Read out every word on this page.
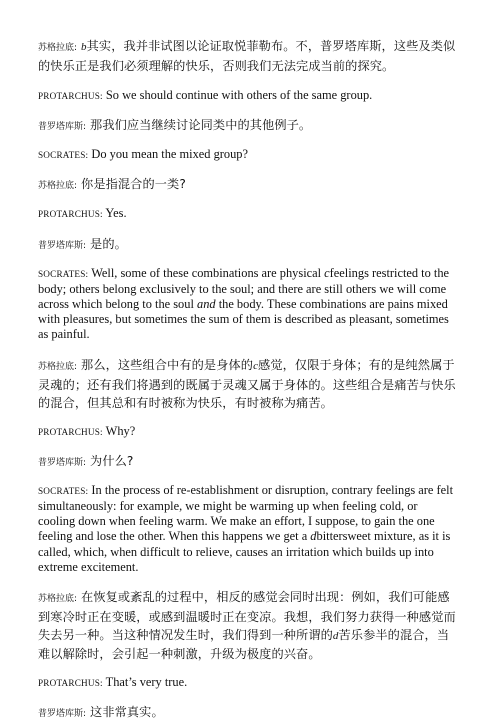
苏格拉底: b其实，我并非试图以论证取悦菲勒布。不，普罗塔库斯，这些及类似的快乐正是我们必须理解的快乐，否则我们无法完成当前的探究。

PROTARCHUS: So we should continue with others of the same group.

普罗塔库斯: 那我们应当继续讨论同类中的其他例子。

SOCRATES: Do you mean the mixed group?

苏格拉底: 你是指混合的一类?

PROTARCHUS: Yes.

普罗塔库斯: 是的。

SOCRATES: Well, some of these combinations are physical cfeelings restricted to the body; others belong exclusively to the soul; and there are still others we will come across which belong to the soul and the body. These combinations are pains mixed with pleasures, but sometimes the sum of them is described as pleasant, sometimes as painful.

苏格拉底: 那么，这些组合中有的是身体的c感觉，仅限于身体；有的是纯然属于灵魂的；还有我们将遇到的既属于灵魂又属于身体的。这些组合是痛苦与快乐的混合，但其总和有时被称为快乐，有时被称为痛苦。

PROTARCHUS: Why?

普罗塔库斯: 为什么?

SOCRATES: In the process of re-establishment or disruption, contrary feelings are felt simultaneously: for example, we might be warming up when feeling cold, or cooling down when feeling warm. We make an effort, I suppose, to gain the one feeling and lose the other. When this happens we get a dbittersweet mixture, as it is called, which, when difficult to relieve, causes an irritation which builds up into extreme excitement.

苏格拉底: 在恢复或紊乱的过程中，相反的感觉会同时出现：例如，我们可能感到寒冷时正在变暖，或感到温暖时正在变凉。我想，我们努力获得一种感觉而失去另一种。当这种情况发生时，我们得到一种所谓的d苦乐参半的混合，当难以解除时，会引起一种刺激，升级为极度的兴奋。

PROTARCHUS: That’s very true.

普罗塔库斯: 这非常真实。
